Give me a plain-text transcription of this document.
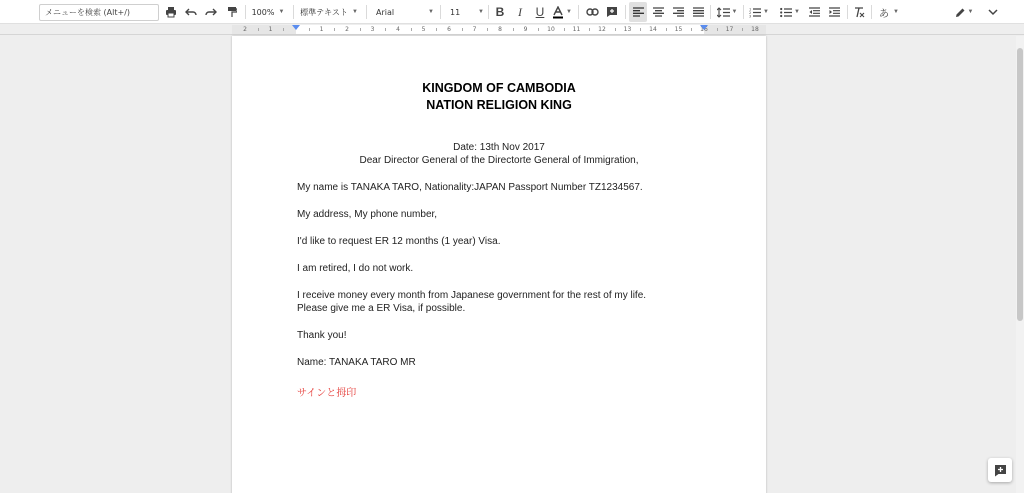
メニューを検索 (Alt+/)	100% ▼ 標準テキスト ▼ Arial	▼ 11	▼ B	I	U	▼	▼	1
2
3
▼	▼	あ ▼	▼
2	1	1	2	3	4	5	6	7	8	9	10	11	12	13	14	15	16	17	18
KINGDOM OF CAMBODIA
NATION RELIGION KING
Date: 13th Nov 2017
Dear Director General of the Directorte General of Immigration,
My name is TANAKA TARO, Nationality:JAPAN Passport Number TZ1234567.
My address, My phone number,
I'd like to request ER 12 months (1 year) Visa.
I am retired, I do not work.
I receive money every month from Japanese government for the rest of my life.
Please give me a ER Visa, if possible.
Thank you!
Name: TANAKA TARO MR
サインと拇印
